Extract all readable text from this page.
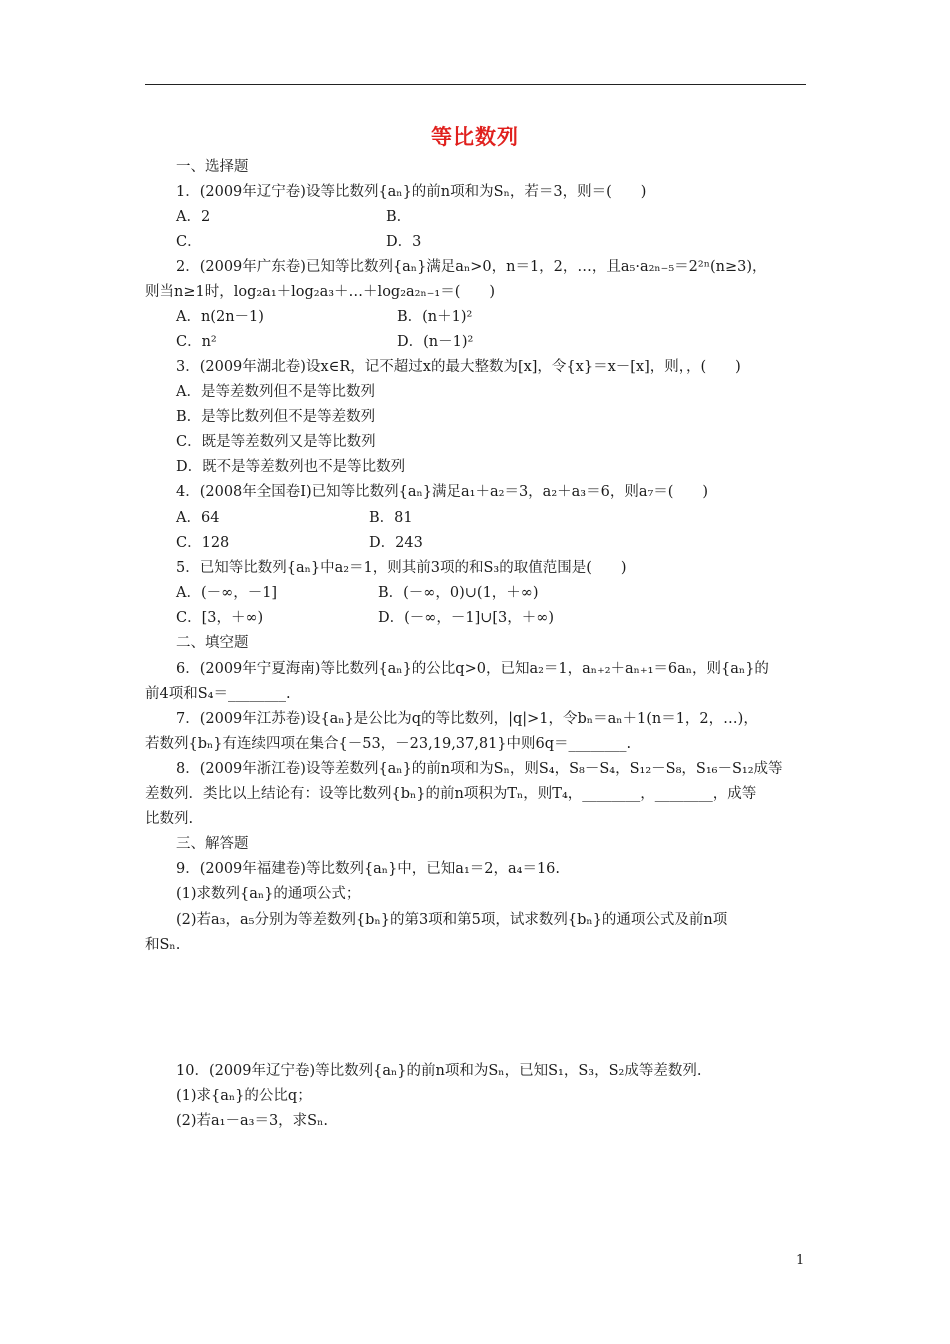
等比数列
一、选择题
1．(2009年辽宁卷)设等比数列{aₙ}的前n项和为Sₙ，若＝3，则＝(　　)
A．2	B．
C．	D．3
2．(2009年广东卷)已知等比数列{aₙ}满足aₙ>0，n＝1，2，…，且a₅·a₂ₙ₋₅＝2²ⁿ(n≥3)，
则当n≥1时，log₂a₁＋log₂a₃＋…＋log₂a₂ₙ₋₁＝(　　)
A．n(2n－1)	B．(n＋1)²
C．n²	D．(n－1)²
3．(2009年湖北卷)设x∈R，记不超过x的最大整数为[x]，令{x}＝x－[x]，则，，(　　)
A．是等差数列但不是等比数列
B．是等比数列但不是等差数列
C．既是等差数列又是等比数列
D．既不是等差数列也不是等比数列
4．(2008年全国卷Ⅰ)已知等比数列{aₙ}满足a₁＋a₂＝3，a₂＋a₃＝6，则a₇＝(　　)
A．64	B．81
C．128	D．243
5．已知等比数列{aₙ}中a₂＝1，则其前3项的和S₃的取值范围是(　　)
A．(－∞，－1]	B．(－∞，0)∪(1，＋∞)
C．[3，＋∞)	D．(－∞，－1]∪[3，＋∞)
二、填空题
6．(2009年宁夏海南)等比数列{aₙ}的公比q>0，已知a₂＝1，aₙ₊₂＋aₙ₊₁＝6aₙ，则{aₙ}的
前4项和S₄＝________.
7．(2009年江苏卷)设{aₙ}是公比为q的等比数列，|q|>1，令bₙ＝aₙ＋1(n＝1，2，…)，
若数列{bₙ}有连续四项在集合{－53，－23,19,37,81}中则6q＝________.
8．(2009年浙江卷)设等差数列{aₙ}的前n项和为Sₙ，则S₄，S₈－S₄，S₁₂－S₈，S₁₆－S₁₂成等
差数列．类比以上结论有：设等比数列{bₙ}的前n项积为Tₙ，则T₄，________，________，成等
比数列.
三、解答题
9．(2009年福建卷)等比数列{aₙ}中，已知a₁＝2，a₄＝16.
(1)求数列{aₙ}的通项公式；
(2)若a₃，a₅分别为等差数列{bₙ}的第3项和第5项，试求数列{bₙ}的通项公式及前n项
和Sₙ.
10．(2009年辽宁卷)等比数列{aₙ}的前n项和为Sₙ，已知S₁，S₃，S₂成等差数列.
(1)求{aₙ}的公比q；
(2)若a₁－a₃＝3，求Sₙ.
1
